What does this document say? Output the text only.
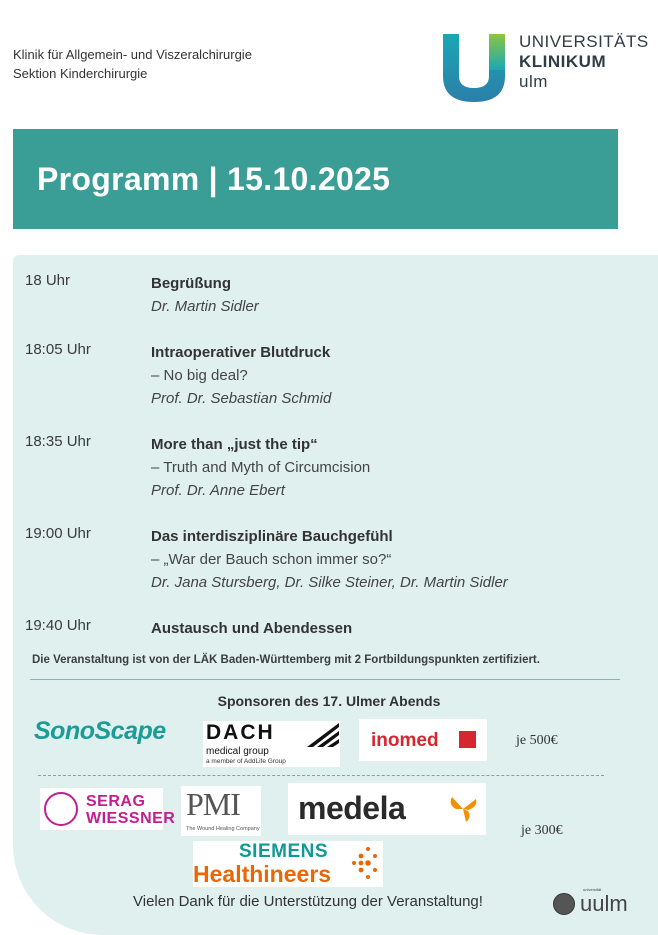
Klinik für Allgemein- und Viszeralchirurgie
Sektion Kinderchirurgie
UNIVERSITÄTS
KLINIKUM
ulm
Programm | 15.10.2025
18 Uhr	Begrüßung
Dr. Martin Sidler
18:05 Uhr	Intraoperativer Blutdruck
– No big deal?
Prof. Dr. Sebastian Schmid
18:35 Uhr	More than „just the tip“
– Truth and Myth of Circumcision
Prof. Dr. Anne Ebert
19:00 Uhr	Das interdisziplinäre Bauchgefühl
– „War der Bauch schon immer so?“
Dr. Jana Stursberg, Dr. Silke Steiner, Dr. Martin Sidler
19:40 Uhr	Austausch und Abendessen
Die Veranstaltung ist von der LÄK Baden-Württemberg mit 2 Fortbildungspunkten zertifiziert.
Sponsoren des 17. Ulmer Abends
SonoScape DACH
medical group
a member of AddLife Group
inomed	je 500€
SERAG
WIESSNER PMI
The Wound Healing Company
medela
je 300€
SIEMENS
Healthineers
Vielen Dank für die Unterstützung der Veranstaltung!
universität
uulm
